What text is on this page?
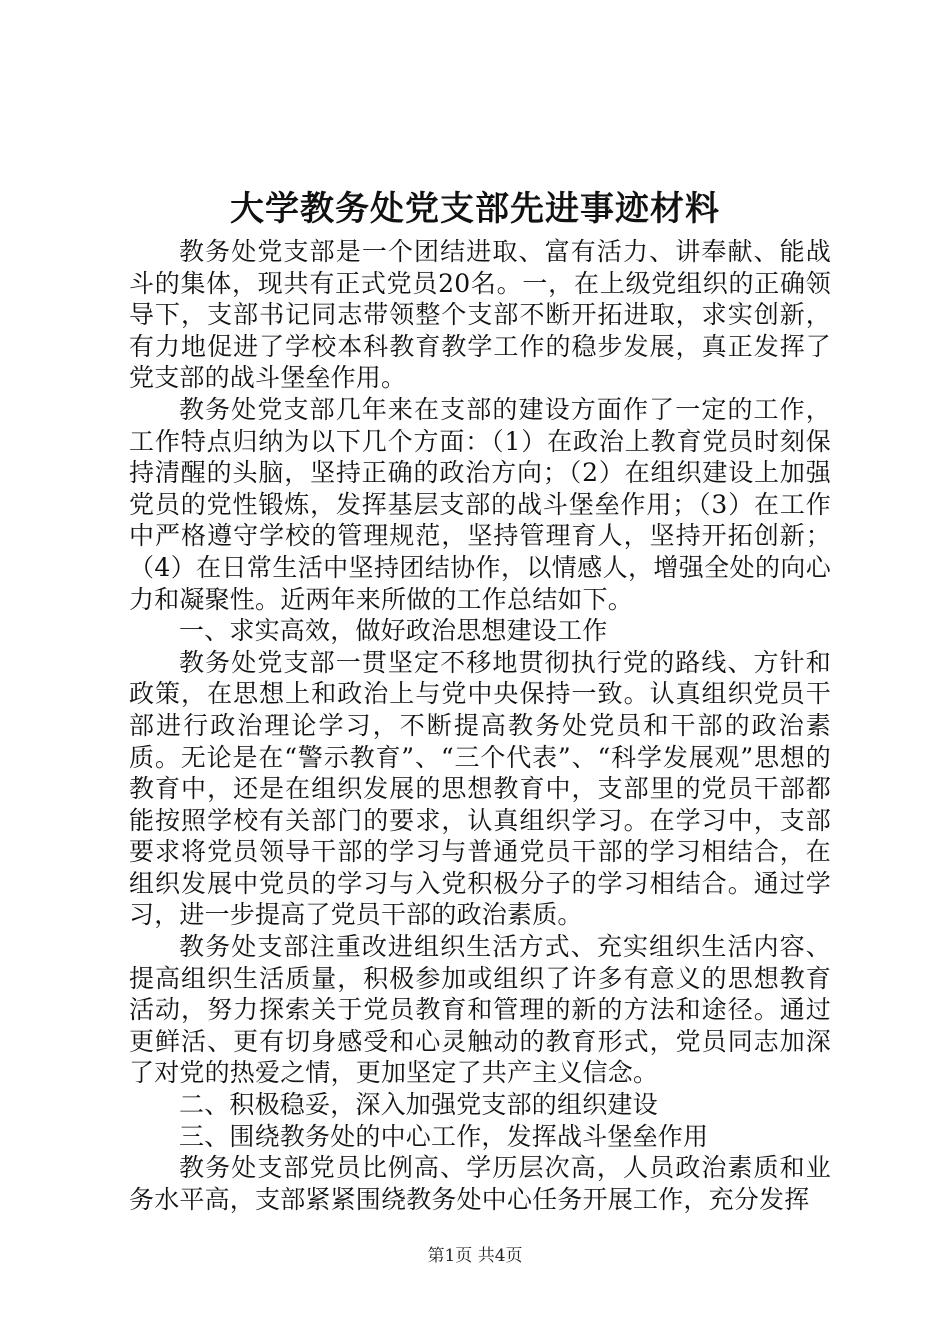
大学教务处党支部先进事迹材料

教务处党支部是一个团结进取、富有活力、讲奉献、能战斗的集体，现共有正式党员20名。一，在上级党组织的正确领导下，支部书记同志带领整个支部不断开拓进取，求实创新，有力地促进了学校本科教育教学工作的稳步发展，真正发挥了党支部的战斗堡垒作用。

教务处党支部几年来在支部的建设方面作了一定的工作，工作特点归纳为以下几个方面：（1）在政治上教育党员时刻保持清醒的头脑，坚持正确的政治方向；（2）在组织建设上加强党员的党性锻炼，发挥基层支部的战斗堡垒作用；（3）在工作中严格遵守学校的管理规范，坚持管理育人，坚持开拓创新；（4）在日常生活中坚持团结协作，以情感人，增强全处的向心力和凝聚性。近两年来所做的工作总结如下。

一、求实高效，做好政治思想建设工作

教务处党支部一贯坚定不移地贯彻执行党的路线、方针和政策，在思想上和政治上与党中央保持一致。认真组织党员干部进行政治理论学习，不断提高教务处党员和干部的政治素质。无论是在“警示教育”、“三个代表”、“科学发展观”思想的教育中，还是在组织发展的思想教育中，支部里的党员干部都能按照学校有关部门的要求，认真组织学习。在学习中，支部要求将党员领导干部的学习与普通党员干部的学习相结合，在组织发展中党员的学习与入党积极分子的学习相结合。通过学习，进一步提高了党员干部的政治素质。

教务处支部注重改进组织生活方式、充实组织生活内容、提高组织生活质量，积极参加或组织了许多有意义的思想教育活动，努力探索关于党员教育和管理的新的方法和途径。通过更鲜活、更有切身感受和心灵触动的教育形式，党员同志加深了对党的热爱之情，更加坚定了共产主义信念。

二、积极稳妥，深入加强党支部的组织建设

三、围绕教务处的中心工作，发挥战斗堡垒作用

教务处支部党员比例高、学历层次高，人员政治素质和业务水平高，支部紧紧围绕教务处中心任务开展工作，充分发挥

第1页 共4页
